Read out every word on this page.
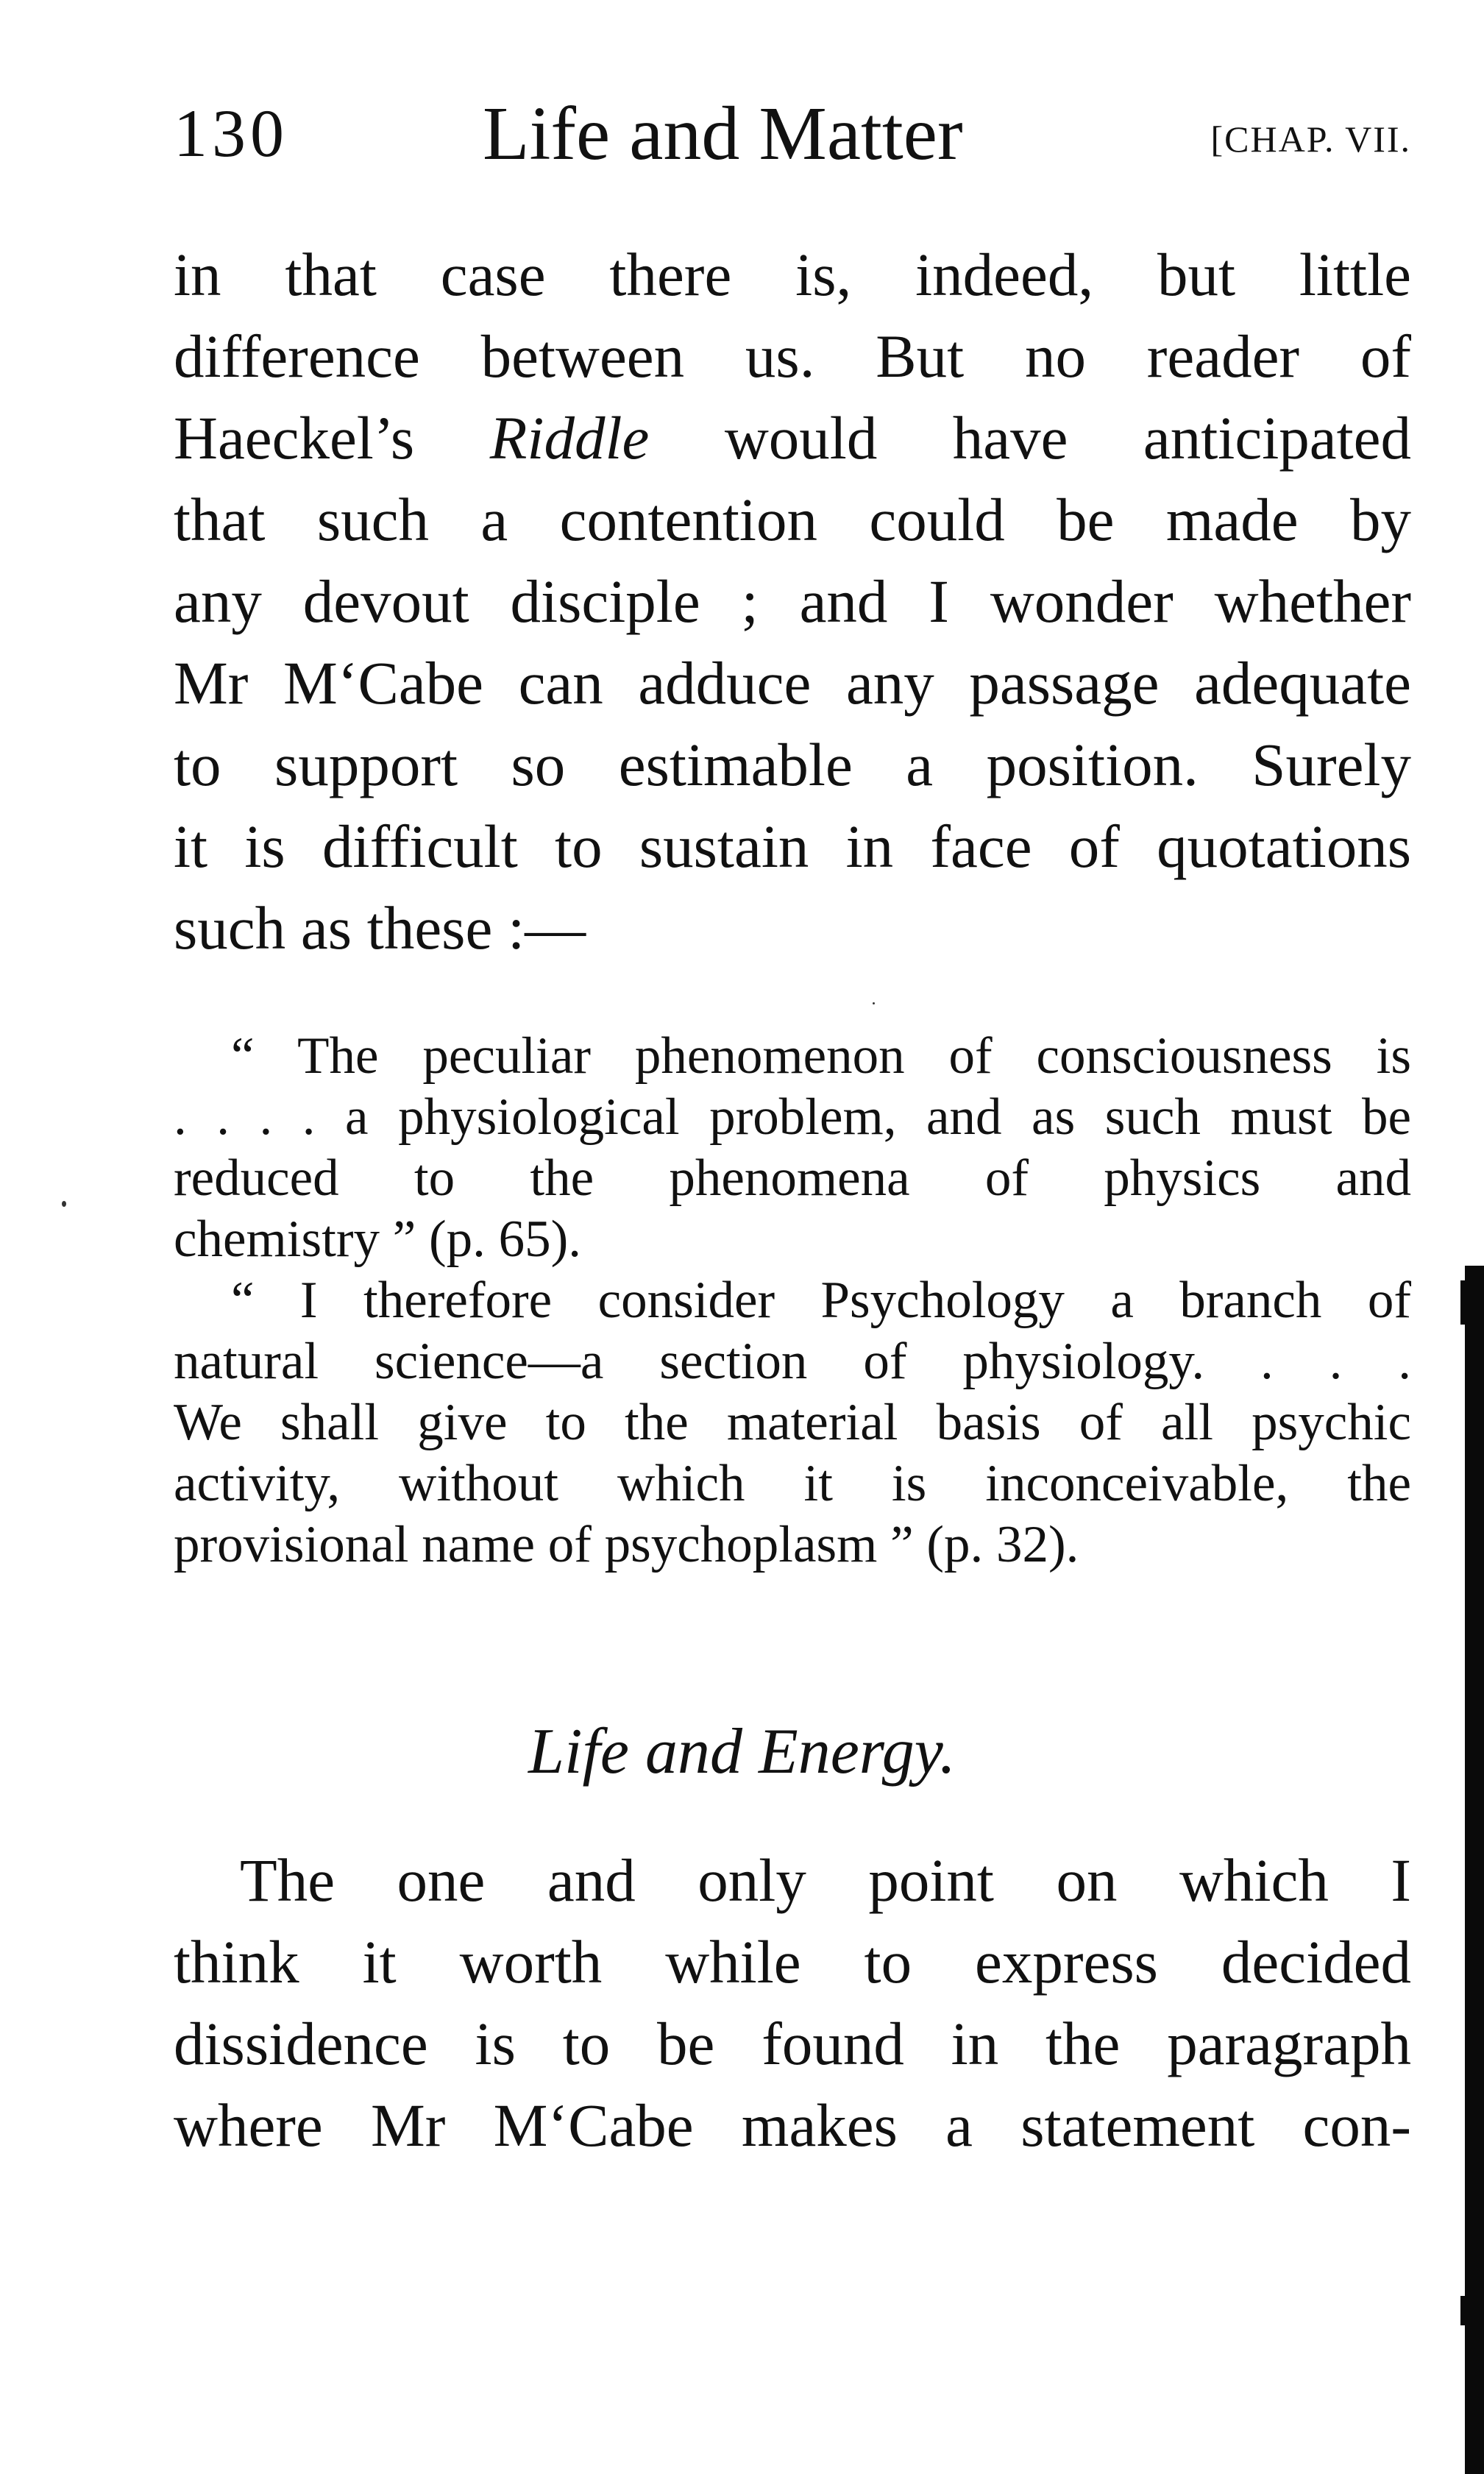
130	Life and Matter	[CHAP. VII.
in that case there is, indeed, but little
difference between us. But no reader of
Haeckel’s Riddle would have anticipated
that such a contention could be made by
any devout disciple ; and I wonder whether
Mr M‘Cabe can adduce any passage adequate
to support so estimable a position. Surely
it is difficult to sustain in face of quotations
such as these :—
“ The peculiar phenomenon of consciousness is
. . . . a physiological problem, and as such must be
reduced to the phenomena of physics and
chemistry ” (p. 65).
“ I therefore consider Psychology a branch of
natural science—a section of physiology. . . .
We shall give to the material basis of all psychic
activity, without which it is inconceivable, the
provisional name of psychoplasm ” (p. 32).
Life and Energy.
The one and only point on which I
think it worth while to express decided
dissidence is to be found in the paragraph
where Mr M‘Cabe makes a statement con-
